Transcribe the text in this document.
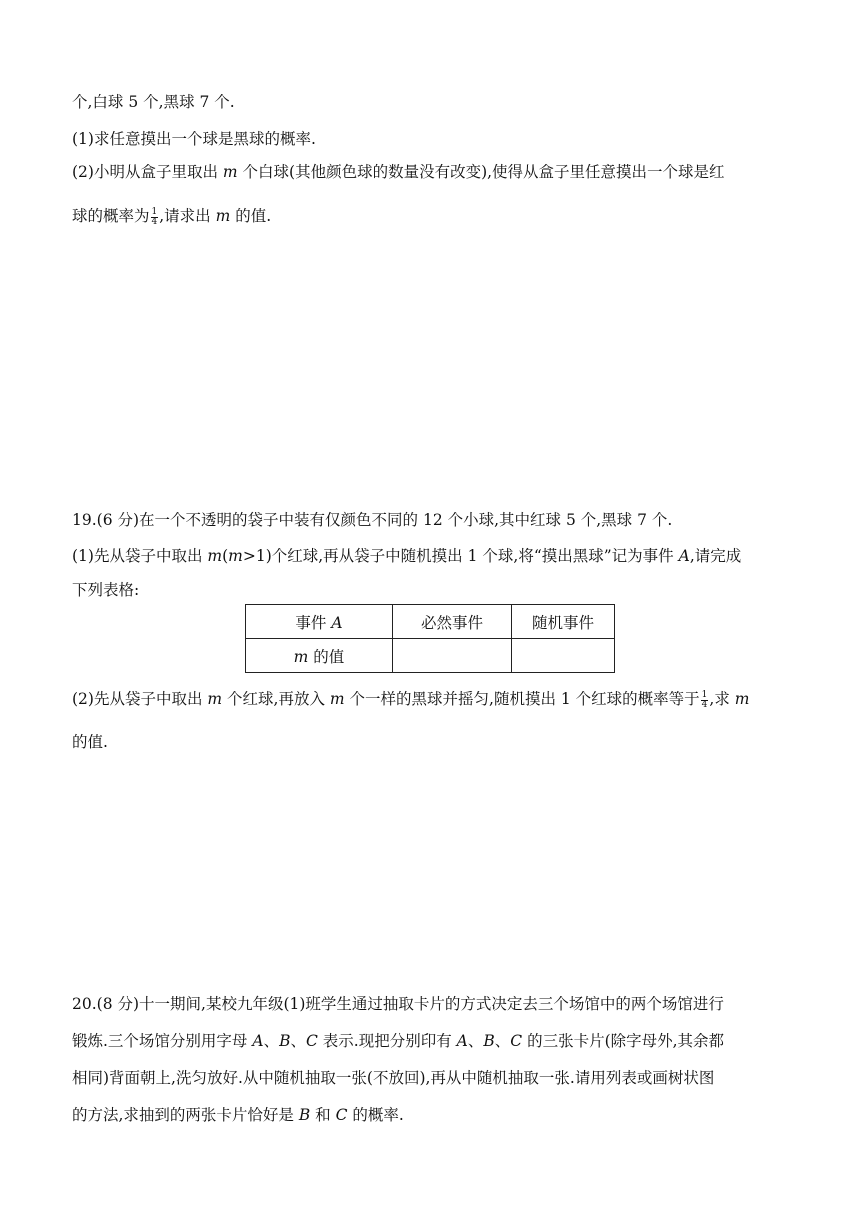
个,白球 5 个,黑球 7 个.
(1)求任意摸出一个球是黑球的概率.
(2)小明从盒子里取出 m 个白球(其他颜色球的数量没有改变),使得从盒子里任意摸出一个球是红
球的概率为 $\frac{1}{4}$ ,请求出 m 的值.
19.(6 分)在一个不透明的袋子中装有仅颜色不同的 12 个小球,其中红球 5 个,黑球 7 个.
(1)先从袋子中取出 m(m>1)个红球,再从袋子中随机摸出 1 个球,将“摸出黑球”记为事件 A,请完成
下列表格:
事件 A	必然事件	随机事件
m 的值		
(2)先从袋子中取出 m 个红球,再放入 m 个一样的黑球并摇匀,随机摸出 1 个红球的概率等于 $\frac{1}{4}$ ,求 m
的值.
20.(8 分)十一期间,某校九年级(1)班学生通过抽取卡片的方式决定去三个场馆中的两个场馆进行
锻炼.三个场馆分别用字母 A、B、C 表示.现把分别印有 A、B、C 的三张卡片(除字母外,其余都
相同)背面朝上,洗匀放好.从中随机抽取一张(不放回),再从中随机抽取一张.请用列表或画树状图
的方法,求抽到的两张卡片恰好是 B 和 C 的概率.
